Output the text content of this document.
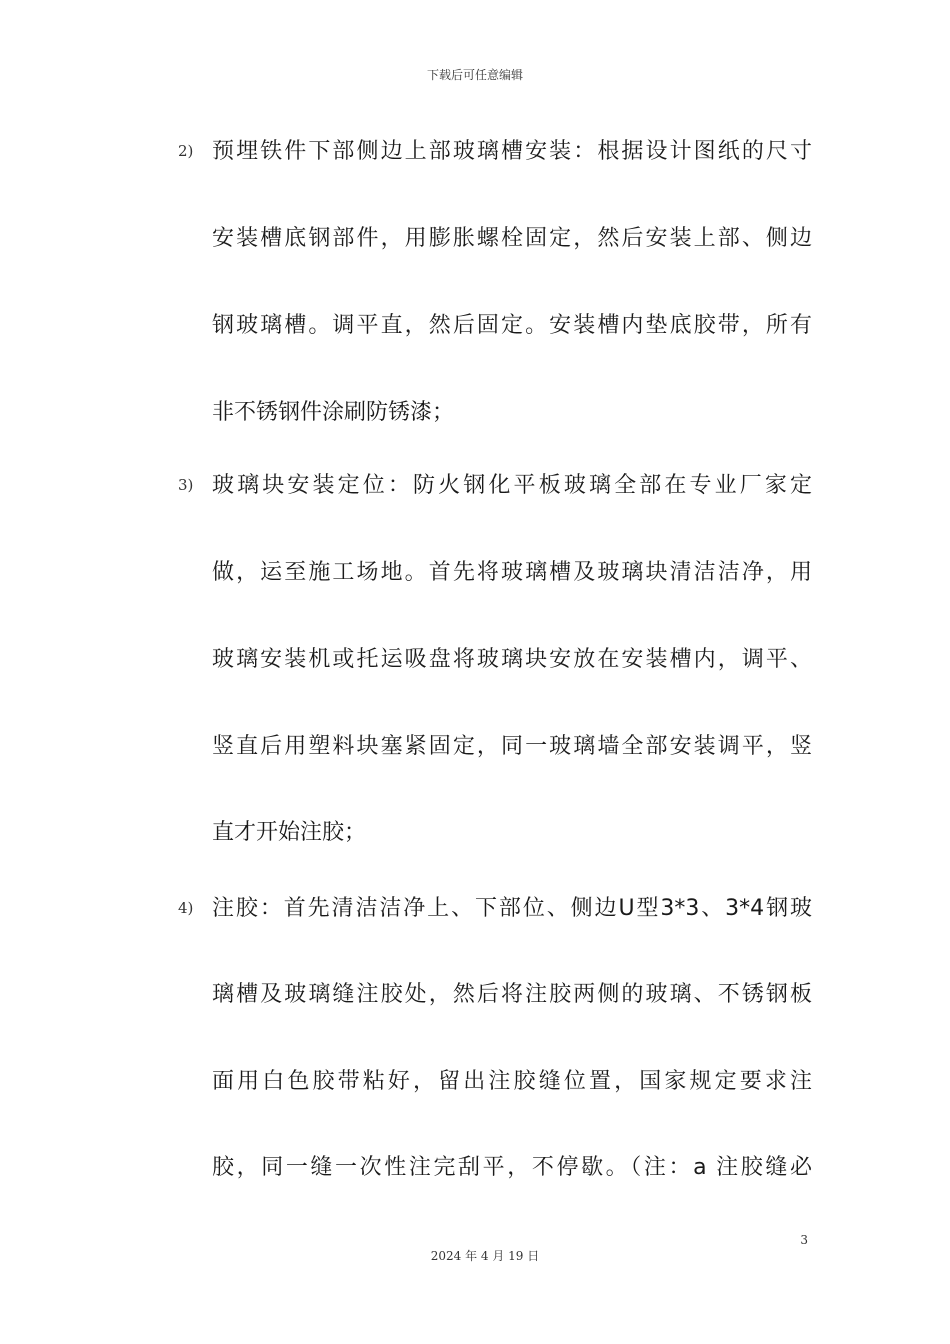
下载后可任意编辑
2) 预埋铁件下部侧边上部玻璃槽安装：根据设计图纸的尺寸
安装槽底钢部件，用膨胀螺栓固定，然后安装上部、侧边
钢玻璃槽。调平直，然后固定。安装槽内垫底胶带，所有
非不锈钢件涂刷防锈漆；
3) 玻璃块安装定位：防火钢化平板玻璃全部在专业厂家定
做，运至施工场地。首先将玻璃槽及玻璃块清洁洁净，用
玻璃安装机或托运吸盘将玻璃块安放在安装槽内，调平、
竖直后用塑料块塞紧固定，同一玻璃墙全部安装调平，竖
直才开始注胶；
4) 注胶：首先清洁洁净上、下部位、侧边U型3*3、3*4钢玻
璃槽及玻璃缝注胶处，然后将注胶两侧的玻璃、不锈钢板
面用白色胶带粘好，留出注胶缝位置，国家规定要求注
胶，同一缝一次性注完刮平，不停歇。（注：a 注胶缝必
3
2024 年 4 月 19 日
